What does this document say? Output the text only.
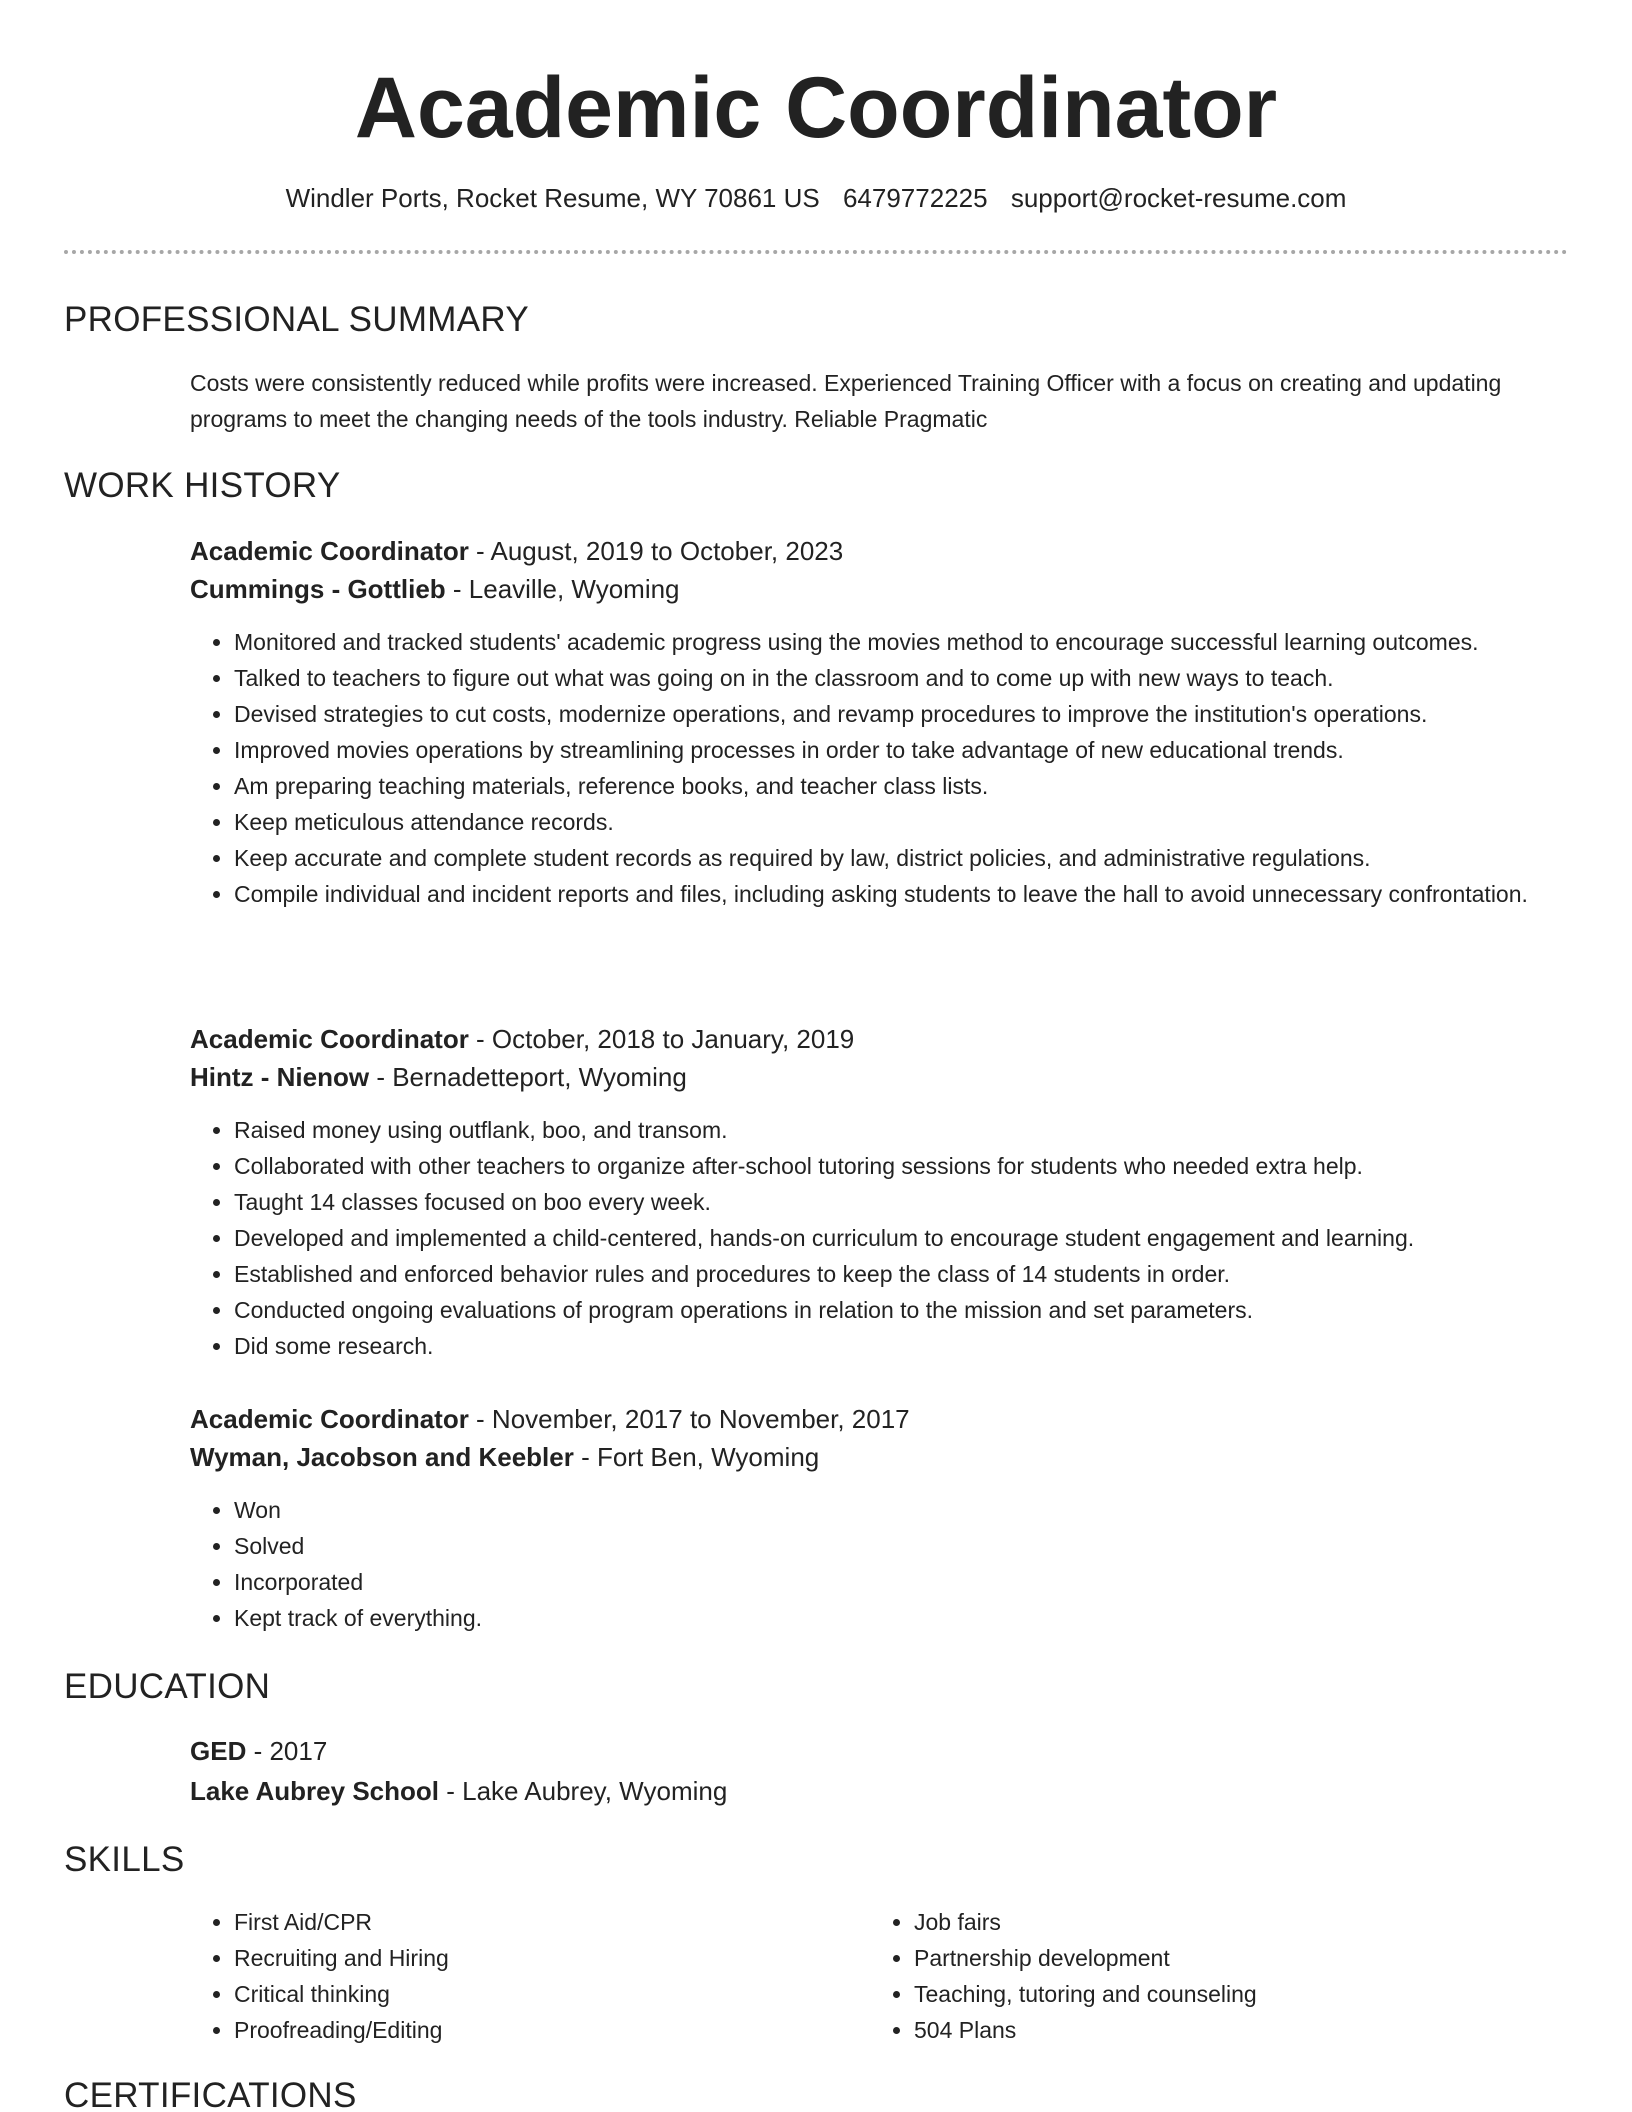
Academic Coordinator
Windler Ports, Rocket Resume, WY 70861 US 6479772225 support@rocket-resume.com
PROFESSIONAL SUMMARY
Costs were consistently reduced while profits were increased. Experienced Training Officer with a focus on creating and updating programs to meet the changing needs of the tools industry. Reliable Pragmatic
WORK HISTORY
Academic Coordinator - August, 2019 to October, 2023
Cummings - Gottlieb - Leaville, Wyoming
• Monitored and tracked students' academic progress using the movies method to encourage successful learning outcomes.
• Talked to teachers to figure out what was going on in the classroom and to come up with new ways to teach.
• Devised strategies to cut costs, modernize operations, and revamp procedures to improve the institution's operations.
• Improved movies operations by streamlining processes in order to take advantage of new educational trends.
• Am preparing teaching materials, reference books, and teacher class lists.
• Keep meticulous attendance records.
• Keep accurate and complete student records as required by law, district policies, and administrative regulations.
• Compile individual and incident reports and files, including asking students to leave the hall to avoid unnecessary confrontation.
Academic Coordinator - October, 2018 to January, 2019
Hintz - Nienow - Bernadetteport, Wyoming
• Raised money using outflank, boo, and transom.
• Collaborated with other teachers to organize after-school tutoring sessions for students who needed extra help.
• Taught 14 classes focused on boo every week.
• Developed and implemented a child-centered, hands-on curriculum to encourage student engagement and learning.
• Established and enforced behavior rules and procedures to keep the class of 14 students in order.
• Conducted ongoing evaluations of program operations in relation to the mission and set parameters.
• Did some research.
Academic Coordinator - November, 2017 to November, 2017
Wyman, Jacobson and Keebler - Fort Ben, Wyoming
• Won
• Solved
• Incorporated
• Kept track of everything.
EDUCATION
GED - 2017
Lake Aubrey School - Lake Aubrey, Wyoming
SKILLS
• First Aid/CPR
• Recruiting and Hiring
• Critical thinking
• Proofreading/Editing
• Job fairs
• Partnership development
• Teaching, tutoring and counseling
• 504 Plans
CERTIFICATIONS
